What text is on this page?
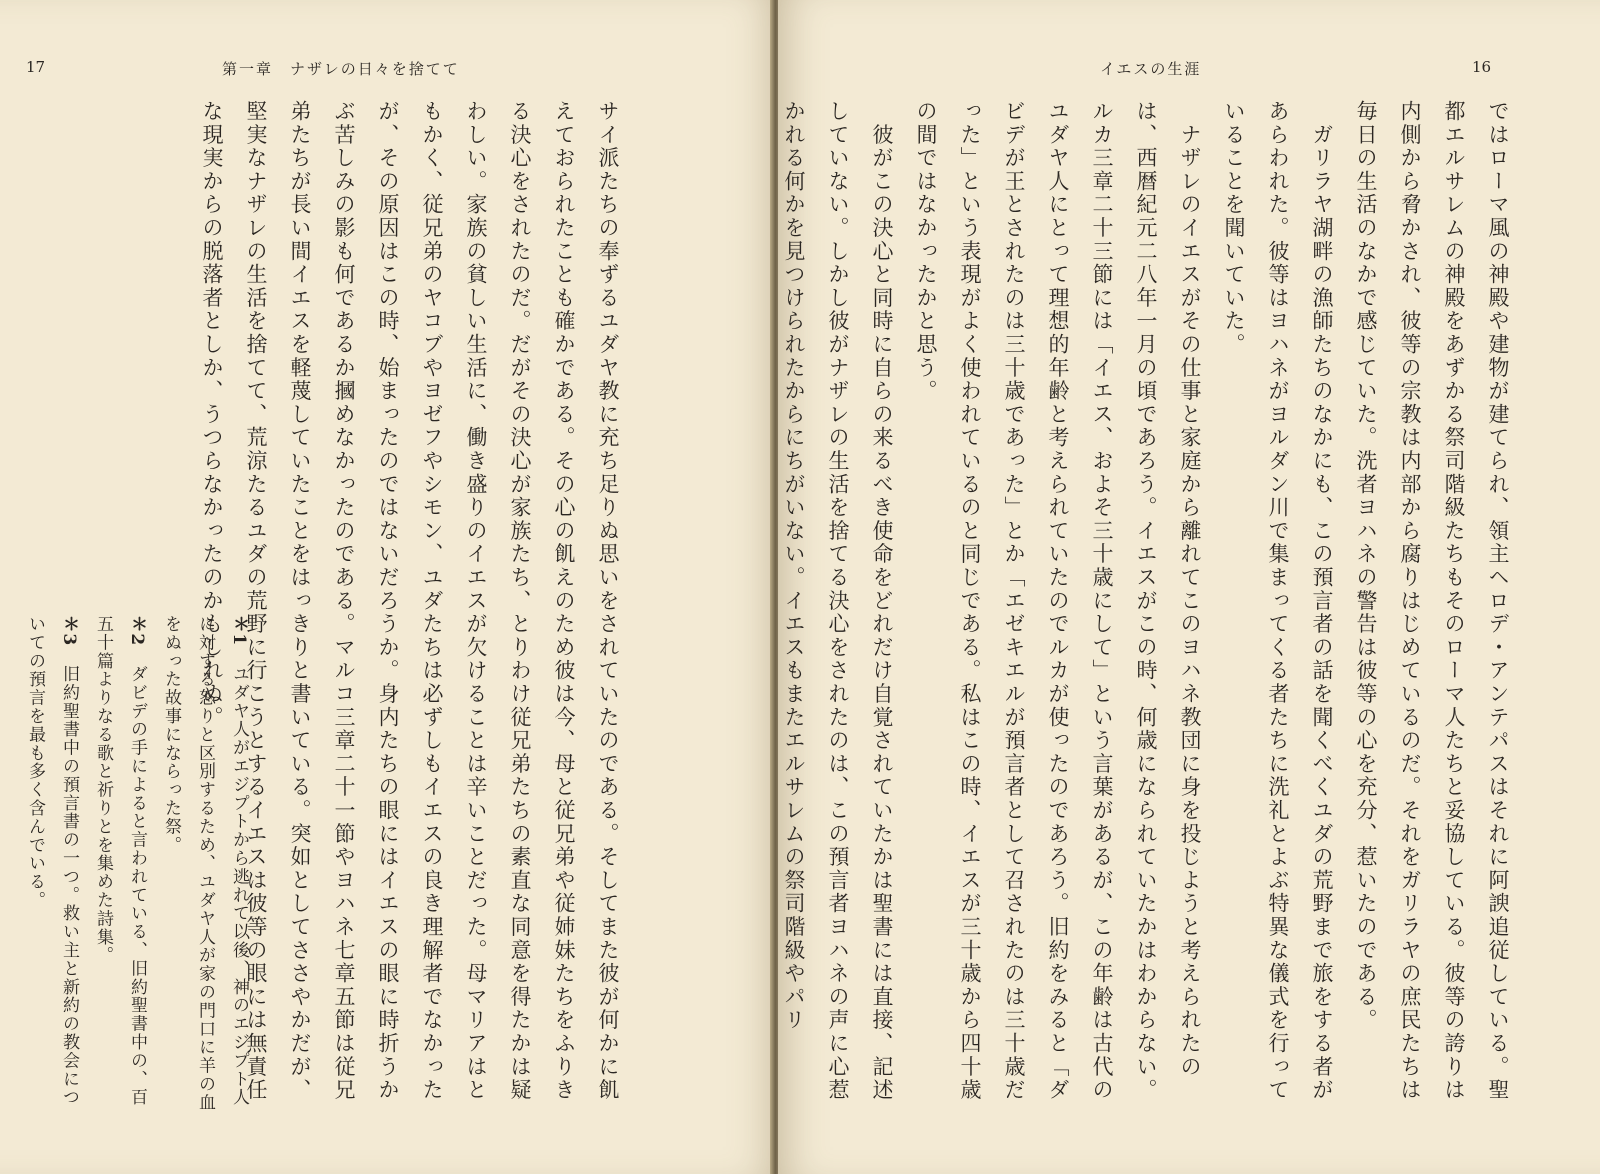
17	第一章　ナザレの日々を捨てて

サイ派たちの奉ずるユダヤ教に充ち足りぬ思いをされていたのである。そしてまた彼が何かに飢えておられたことも確かである。その心の飢えのため彼は今、母と従兄弟や従姉妹たちをふりきる決心をされたのだ。だがその決心が家族たち、とりわけ従兄弟たちの素直な同意を得たかは疑わしい。家族の貧しい生活に、働き盛りのイエスが欠けることは辛いことだった。母マリアはともかく、従兄弟のヤコブやヨゼフやシモン、ユダたちは必ずしもイエスの良き理解者でなかったが、その原因はこの時、始まったのではないだろうか。身内たちの眼にはイエスの眼に時折うかぶ苦しみの影も何であるか摑めなかったのである。マルコ三章二十一節やヨハネ七章五節は従兄弟たちが長い間イエスを軽蔑していたことをはっきりと書いている。突如としてささやかだが、堅実なナザレの生活を捨てて、荒涼たるユダの荒野に行こうとするイエスは彼等の眼には無責任な現実からの脱落者としか、うつらなかったのかもしれぬ。 ＊1　ユダヤ人がエジプトから逃れて以後、神のエジプト人に対する怒りと区別するため、ユダヤ人が家の門口に羊の血をぬった故事にならった祭。
＊2　ダビデの手によると言われている、旧約聖書中の、百五十篇よりなる歌と祈りとを集めた詩集。
＊3　旧約聖書中の預言書の一つ。救い主と新約の教会についての預言を最も多く含んでいる。
イエスの生涯	16

ではローマ風の神殿や建物が建てられ、領主ヘロデ・アンテパスはそれに阿諛追従している。聖都エルサレムの神殿をあずかる祭司階級たちもそのローマ人たちと妥協している。彼等の誇りは内側から脅かされ、彼等の宗教は内部から腐りはじめているのだ。それをガリラヤの庶民たちは毎日の生活のなかで感じていた。洗者ヨハネの警告は彼等の心を充分、惹いたのである。

　ガリラヤ湖畔の漁師たちのなかにも、この預言者の話を聞くべくユダの荒野まで旅をする者があらわれた。彼等はヨハネがヨルダン川で集まってくる者たちに洗礼とよぶ特異な儀式を行っていることを聞いていた。

　ナザレのイエスがその仕事と家庭から離れてこのヨハネ教団に身を投じようと考えられたのは、西暦紀元二八年一月の頃であろう。イエスがこの時、何歳になられていたかはわからない。ルカ三章二十三節には「イエス、およそ三十歳にして」という言葉があるが、この年齢は古代のユダヤ人にとって理想的年齢と考えられていたのでルカが使ったのであろう。旧約をみると「ダビデが王とされたのは三十歳であった」とか「エゼキエルが預言者として召されたのは三十歳だった」という表現がよく使われているのと同じである。私はこの時、イエスが三十歳から四十歳の間ではなかったかと思う。

　彼がこの決心と同時に自らの来るべき使命をどれだけ自覚されていたかは聖書には直接、記述していない。しかし彼がナザレの生活を捨てる決心をされたのは、この預言者ヨハネの声に心惹かれる何かを見つけられたからにちがいない。イエスもまたエルサレムの祭司階級やパリ
